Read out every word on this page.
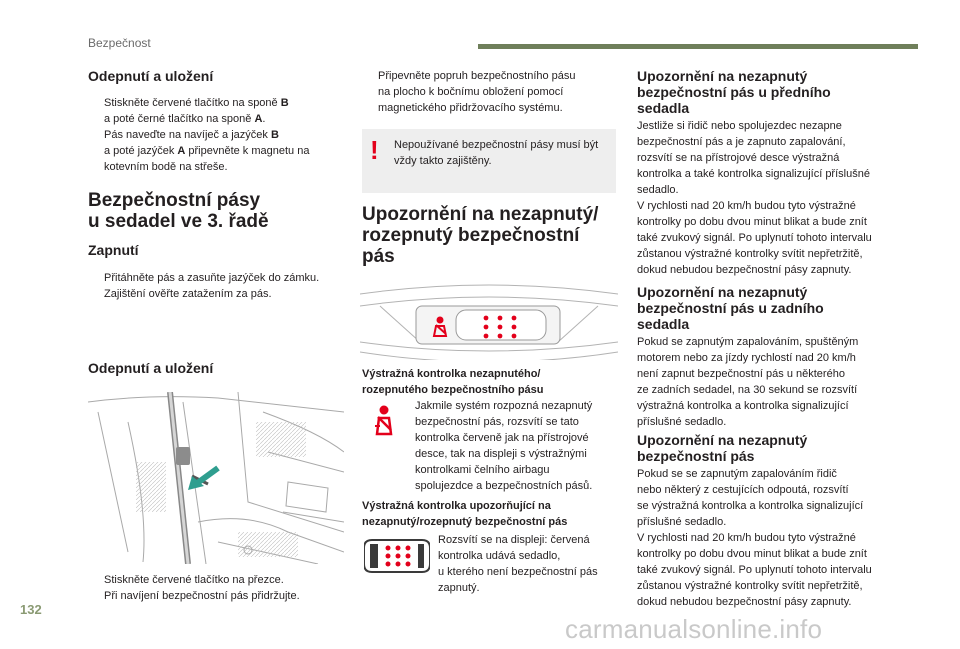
Bezpečnost
Odepnutí a uložení
Stiskněte červené tlačítko na sponě B
a poté černé tlačítko na sponě A.
Pás naveďte na navíječ a jazýček B
a poté jazýček A připevněte k magnetu na
kotevním bodě na střeše.
Bezpečnostní pásy
u sedadel ve 3. řadě
Zapnutí
Přitáhněte pás a zasuňte jazýček do zámku.
Zajištění ověřte zatažením za pás.
Odepnutí a uložení
Stiskněte červené tlačítko na přezce.
Při navíjení bezpečnostní pás přidržujte.
Připevněte popruh bezpečnostního pásu
na plocho k bočnímu obložení pomocí
magnetického přidržovacího systému.
! Nepoužívané bezpečnostní pásy musí být
vždy takto zajištěny.
Upozornění na nezapnutý/
rozepnutý bezpečnostní
pás
Výstražná kontrolka nezapnutého/
rozepnutého bezpečnostního pásu
Jakmile systém rozpozná nezapnutý
bezpečnostní pás, rozsvítí se tato
kontrolka červeně jak na přístrojové
desce, tak na displeji s výstražnými
kontrolkami čelního airbagu
spolujezdce a bezpečnostních pásů.
Výstražná kontrolka upozorňující na
nezapnutý/rozepnutý bezpečnostní pás
Rozsvítí se na displeji: červená
kontrolka udává sedadlo,
u kterého není bezpečnostní pás
zapnutý.
Upozornění na nezapnutý
bezpečnostní pás u předního
sedadla
Jestliže si řidič nebo spolujezdec nezapne
bezpečnostní pás a je zapnuto zapalování,
rozsvítí se na přístrojové desce výstražná
kontrolka a také kontrolka signalizující příslušné
sedadlo.
V rychlosti nad 20 km/h budou tyto výstražné
kontrolky po dobu dvou minut blikat a bude znít
také zvukový signál. Po uplynutí tohoto intervalu
zůstanou výstražné kontrolky svítit nepřetržitě,
dokud nebudou bezpečnostní pásy zapnuty.
Upozornění na nezapnutý
bezpečnostní pás u zadního
sedadla
Pokud se zapnutým zapalováním, spuštěným
motorem nebo za jízdy rychlostí nad 20 km/h
není zapnut bezpečnostní pás u některého
ze zadních sedadel, na 30 sekund se rozsvítí
výstražná kontrolka a kontrolka signalizující
příslušné sedadlo.
Upozornění na nezapnutý
bezpečnostní pás
Pokud se se zapnutým zapalováním řidič
nebo některý z cestujících odpoutá, rozsvítí
se výstražná kontrolka a kontrolka signalizující
příslušné sedadlo.
V rychlosti nad 20 km/h budou tyto výstražné
kontrolky po dobu dvou minut blikat a bude znít
také zvukový signál. Po uplynutí tohoto intervalu
zůstanou výstražné kontrolky svítit nepřetržitě,
dokud nebudou bezpečnostní pásy zapnuty.
132
carmanualsonline.info
